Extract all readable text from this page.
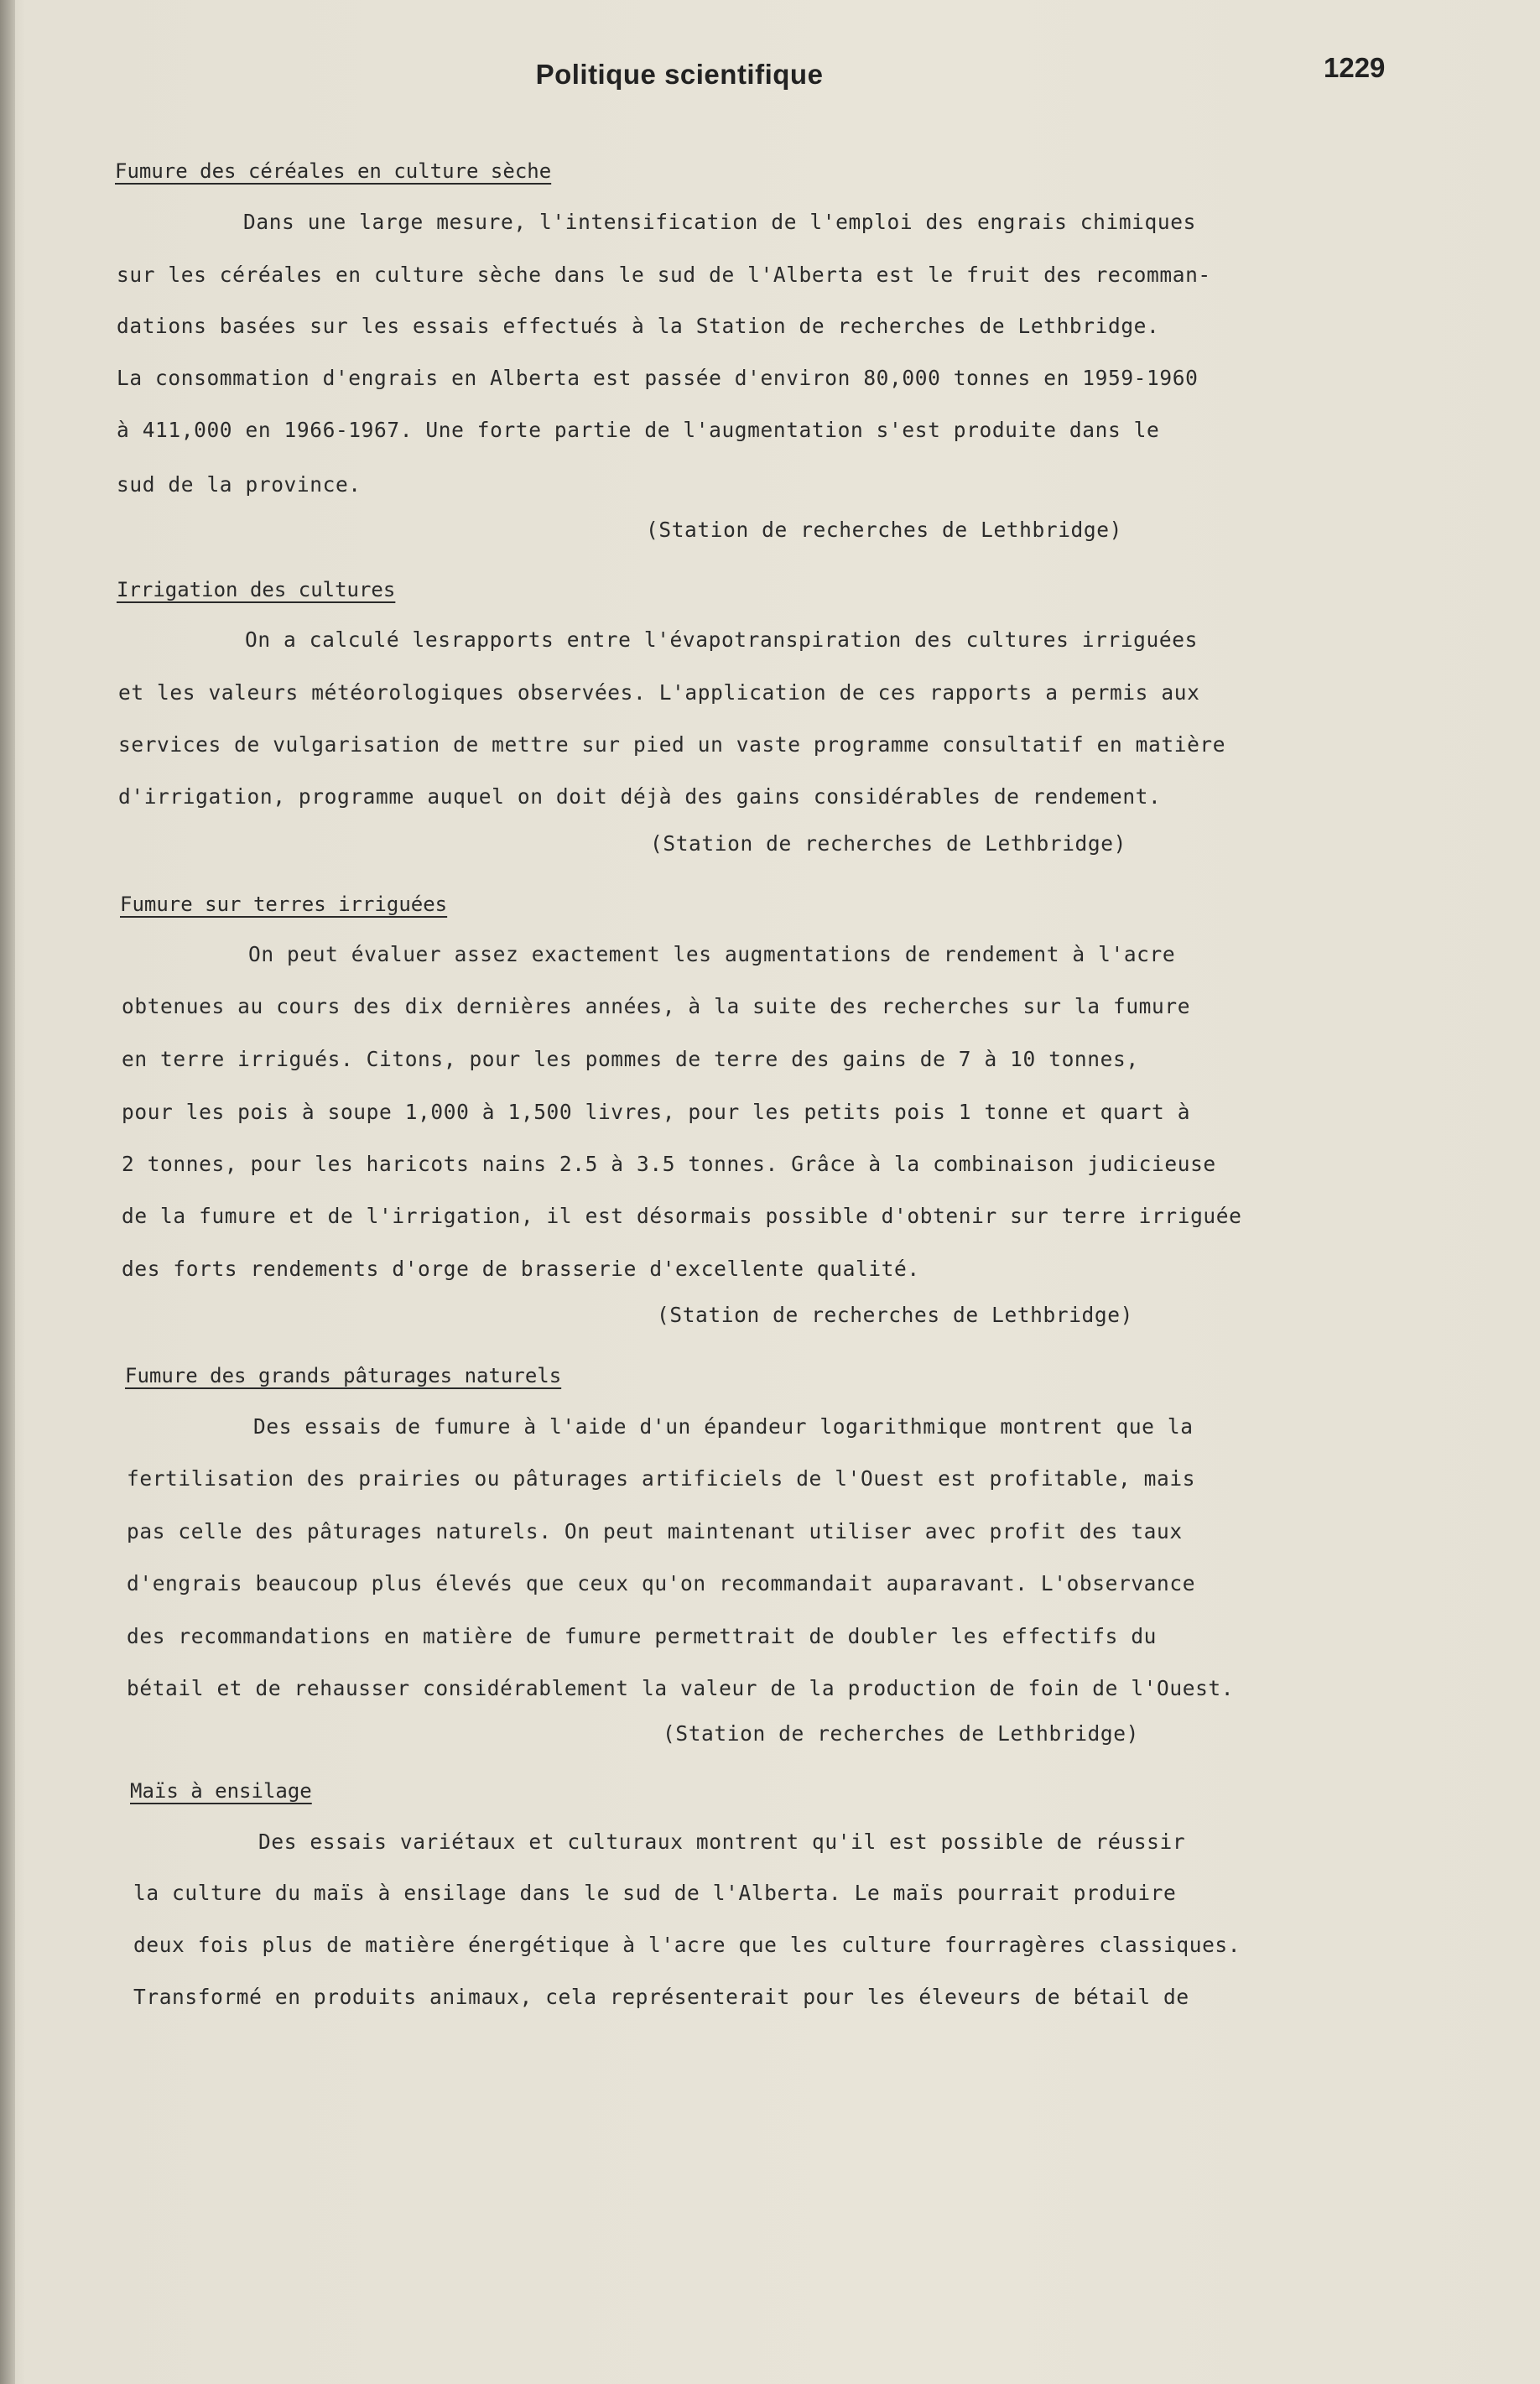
Politique scientifique	1229
Fumure des céréales en culture sèche
Dans une large mesure, l'intensification de l'emploi des engrais chimiques
sur les céréales en culture sèche dans le sud de l'Alberta est le fruit des recomman-
dations basées sur les essais effectués à la Station de recherches de Lethbridge.
La consommation d'engrais en Alberta est passée d'environ 80,000 tonnes en 1959-1960
à 411,000 en 1966-1967. Une forte partie de l'augmentation s'est produite dans le
sud de la province.
(Station de recherches de Lethbridge)
Irrigation des cultures
On a calculé lesrapports entre l'évapotranspiration des cultures irriguées
et les valeurs météorologiques observées. L'application de ces rapports a permis aux
services de vulgarisation de mettre sur pied un vaste programme consultatif en matière
d'irrigation, programme auquel on doit déjà des gains considérables de rendement.
(Station de recherches de Lethbridge)
Fumure sur terres irriguées
On peut évaluer assez exactement les augmentations de rendement à l'acre
obtenues au cours des dix dernières années, à la suite des recherches sur la fumure
en terre irrigués. Citons, pour les pommes de terre des gains de 7 à 10 tonnes,
pour les pois à soupe 1,000 à 1,500 livres, pour les petits pois 1 tonne et quart à
2 tonnes, pour les haricots nains 2.5 à 3.5 tonnes. Grâce à la combinaison judicieuse
de la fumure et de l'irrigation, il est désormais possible d'obtenir sur terre irriguée
des forts rendements d'orge de brasserie d'excellente qualité.
(Station de recherches de Lethbridge)
Fumure des grands pâturages naturels
Des essais de fumure à l'aide d'un épandeur logarithmique montrent que la
fertilisation des prairies ou pâturages artificiels de l'Ouest est profitable, mais
pas celle des pâturages naturels. On peut maintenant utiliser avec profit des taux
d'engrais beaucoup plus élevés que ceux qu'on recommandait auparavant. L'observance
des recommandations en matière de fumure permettrait de doubler les effectifs du
bétail et de rehausser considérablement la valeur de la production de foin de l'Ouest.
(Station de recherches de Lethbridge)
Maïs à ensilage
Des essais variétaux et culturaux montrent qu'il est possible de réussir
la culture du maïs à ensilage dans le sud de l'Alberta. Le maïs pourrait produire
deux fois plus de matière énergétique à l'acre que les culture fourragères classiques.
Transformé en produits animaux, cela représenterait pour les éleveurs de bétail de
